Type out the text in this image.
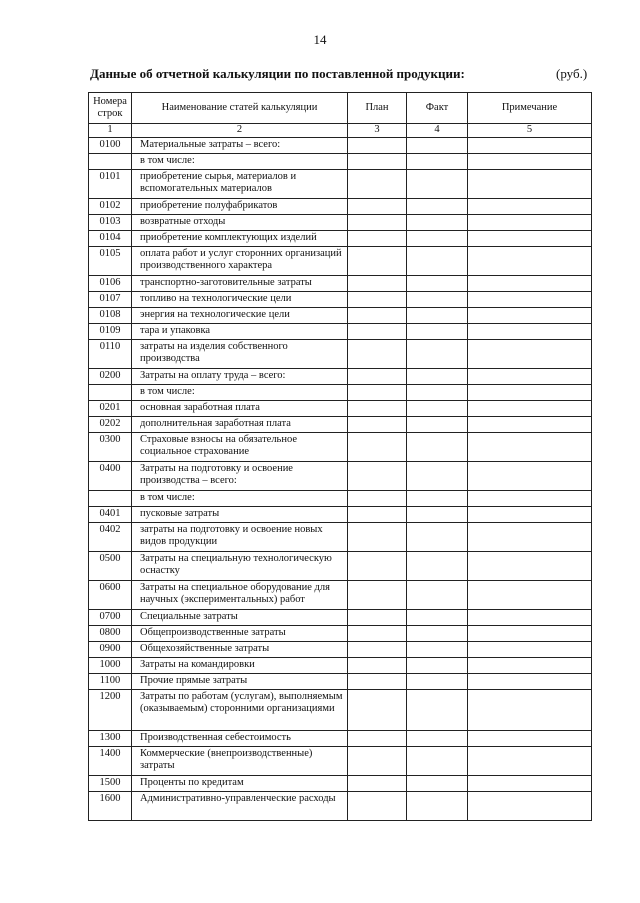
14
Данные об отчетной калькуляции по поставленной продукции:	(руб.)
Номера строк	Наименование статей калькуляции	План	Факт	Примечание
1	2	3	4	5
0100	Материальные затраты – всего:			
	в том числе:			
0101	приобретение сырья, материалов и вспомогательных материалов			
0102	приобретение полуфабрикатов			
0103	возвратные отходы			
0104	приобретение комплектующих изделий			
0105	оплата работ и услуг сторонних организаций производственного характера			
0106	транспортно-заготовительные затраты			
0107	топливо на технологические цели			
0108	энергия на технологические цели			
0109	тара и упаковка			
0110	затраты на изделия собственного производства			
0200	Затраты на оплату труда – всего:			
	в том числе:			
0201	основная заработная плата			
0202	дополнительная заработная плата			
0300	Страховые взносы на обязательное социальное страхование			
0400	Затраты на подготовку и освоение производства – всего:			
	в том числе:			
0401	пусковые затраты			
0402	затраты на подготовку и освоение новых видов продукции			
0500	Затраты на специальную технологическую оснастку			
0600	Затраты на специальное оборудование для научных (экспериментальных) работ			
0700	Специальные затраты			
0800	Общепроизводственные затраты			
0900	Общехозяйственные затраты			
1000	Затраты на командировки			
1100	Прочие прямые затраты			
1200	Затраты по работам (услугам), выполняемым (оказываемым) сторонними организациями			
1300	Производственная себестоимость			
1400	Коммерческие (внепроизводственные) затраты			
1500	Проценты по кредитам			
1600	Административно-управленческие расходы			
